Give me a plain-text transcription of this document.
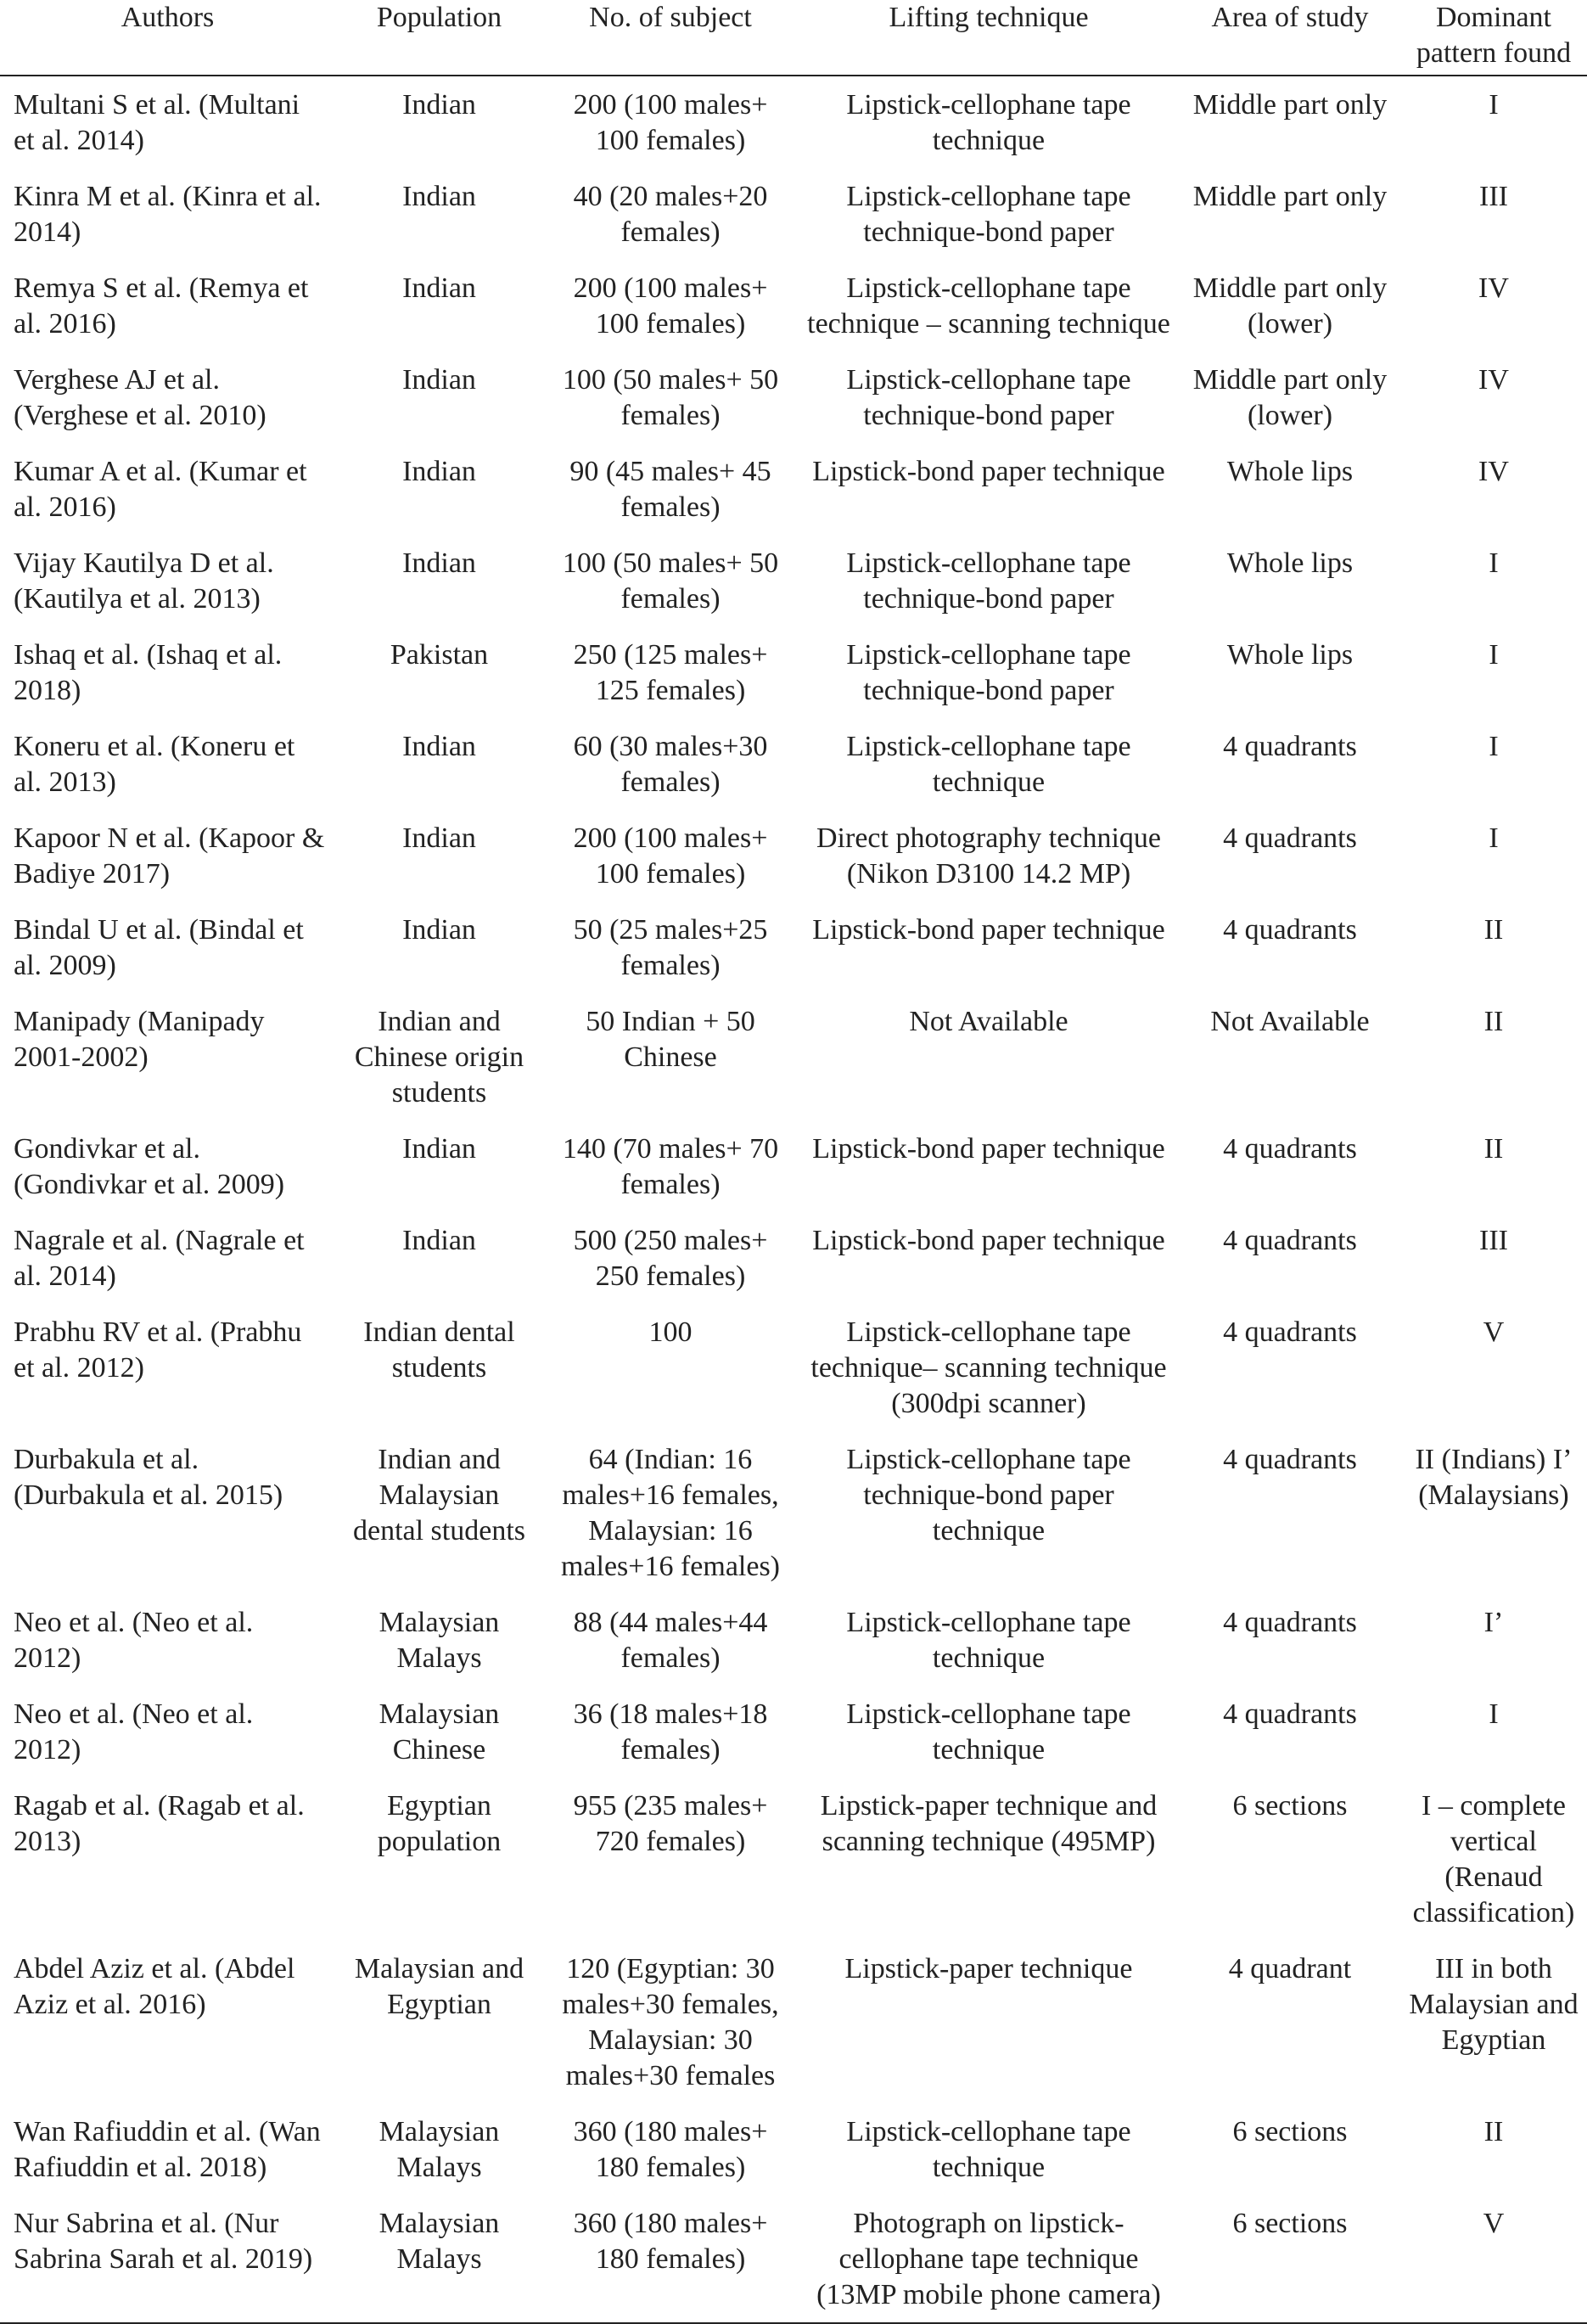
Authors	Population	No. of subject	Lifting technique	Area of study	Dominant pattern found
Multani S et al. (Multani et al. 2014)	Indian	200 (100 males+ 100 females)	Lipstick-cellophane tape technique	Middle part only	I
Kinra M et al. (Kinra et al. 2014)	Indian	40 (20 males+20 females)	Lipstick-cellophane tape technique-bond paper	Middle part only	III
Remya S et al. (Remya et al. 2016)	Indian	200 (100 males+ 100 females)	Lipstick-cellophane tape technique – scanning technique	Middle part only (lower)	IV
Verghese AJ et al. (Verghese et al. 2010)	Indian	100 (50 males+ 50 females)	Lipstick-cellophane tape technique-bond paper	Middle part only (lower)	IV
Kumar A et al. (Kumar et al. 2016)	Indian	90 (45 males+ 45 females)	Lipstick-bond paper technique	Whole lips	IV
Vijay Kautilya D et al. (Kautilya et al. 2013)	Indian	100 (50 males+ 50 females)	Lipstick-cellophane tape technique-bond paper	Whole lips	I
Ishaq et al. (Ishaq et al. 2018)	Pakistan	250 (125 males+ 125 females)	Lipstick-cellophane tape technique-bond paper	Whole lips	I
Koneru et al. (Koneru et al. 2013)	Indian	60 (30 males+30 females)	Lipstick-cellophane tape technique	4 quadrants	I
Kapoor N et al. (Kapoor & Badiye 2017)	Indian	200 (100 males+ 100 females)	Direct photography technique (Nikon D3100 14.2 MP)	4 quadrants	I
Bindal U et al. (Bindal et al. 2009)	Indian	50 (25 males+25 females)	Lipstick-bond paper technique	4 quadrants	II
Manipady (Manipady 2001-2002)	Indian and Chinese origin students	50 Indian + 50 Chinese	Not Available	Not Available	II
Gondivkar et al. (Gondivkar et al. 2009)	Indian	140 (70 males+ 70 females)	Lipstick-bond paper technique	4 quadrants	II
Nagrale et al. (Nagrale et al. 2014)	Indian	500 (250 males+ 250 females)	Lipstick-bond paper technique	4 quadrants	III
Prabhu RV et al. (Prabhu et al. 2012)	Indian dental students	100	Lipstick-cellophane tape technique– scanning technique (300dpi scanner)	4 quadrants	V
Durbakula et al. (Durbakula et al. 2015)	Indian and Malaysian dental students	64 (Indian: 16 males+16 females, Malaysian: 16 males+16 females)	Lipstick-cellophane tape technique-bond paper technique	4 quadrants	II (Indians) I’ (Malaysians)
Neo et al. (Neo et al. 2012)	Malaysian Malays	88 (44 males+44 females)	Lipstick-cellophane tape technique	4 quadrants	I’
Neo et al. (Neo et al. 2012)	Malaysian Chinese	36 (18 males+18 females)	Lipstick-cellophane tape technique	4 quadrants	I
Ragab et al. (Ragab et al. 2013)	Egyptian population	955 (235 males+ 720 females)	Lipstick-paper technique and scanning technique (495MP)	6 sections	I – complete vertical (Renaud classification)
Abdel Aziz et al. (Abdel Aziz et al. 2016)	Malaysian and Egyptian	120 (Egyptian: 30 males+30 females, Malaysian: 30 males+30 females	Lipstick-paper technique	4 quadrant	III in both Malaysian and Egyptian
Wan Rafiuddin et al. (Wan Rafiuddin et al. 2018)	Malaysian Malays	360 (180 males+ 180 females)	Lipstick-cellophane tape technique	6 sections	II
Nur Sabrina et al. (Nur Sabrina Sarah et al. 2019)	Malaysian Malays	360 (180 males+ 180 females)	Photograph on lipstick-cellophane tape technique (13MP mobile phone camera)	6 sections	V
